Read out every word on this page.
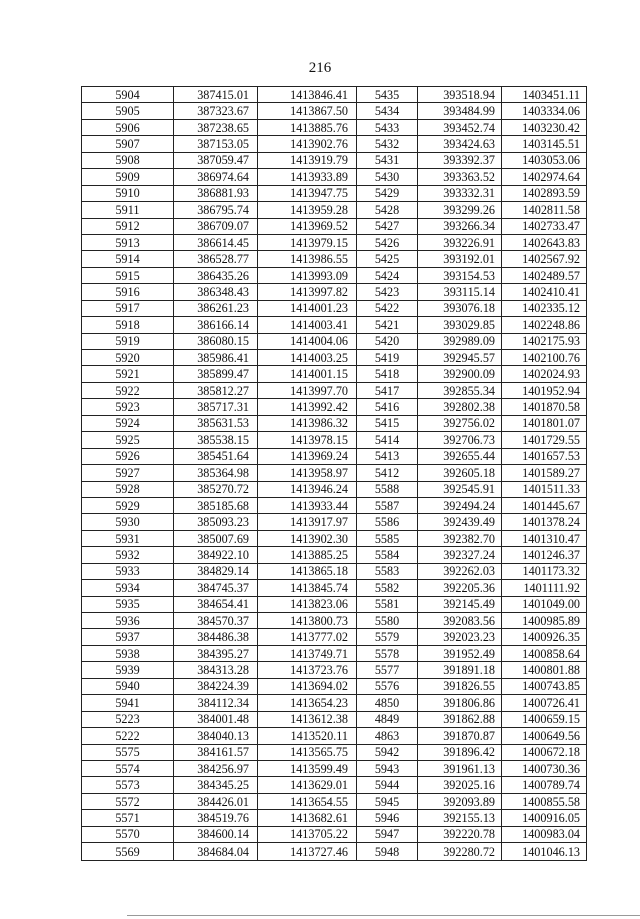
216
5904	387415.01	1413846.41	5435	393518.94	1403451.11
5905	387323.67	1413867.50	5434	393484.99	1403334.06
5906	387238.65	1413885.76	5433	393452.74	1403230.42
5907	387153.05	1413902.76	5432	393424.63	1403145.51
5908	387059.47	1413919.79	5431	393392.37	1403053.06
5909	386974.64	1413933.89	5430	393363.52	1402974.64
5910	386881.93	1413947.75	5429	393332.31	1402893.59
5911	386795.74	1413959.28	5428	393299.26	1402811.58
5912	386709.07	1413969.52	5427	393266.34	1402733.47
5913	386614.45	1413979.15	5426	393226.91	1402643.83
5914	386528.77	1413986.55	5425	393192.01	1402567.92
5915	386435.26	1413993.09	5424	393154.53	1402489.57
5916	386348.43	1413997.82	5423	393115.14	1402410.41
5917	386261.23	1414001.23	5422	393076.18	1402335.12
5918	386166.14	1414003.41	5421	393029.85	1402248.86
5919	386080.15	1414004.06	5420	392989.09	1402175.93
5920	385986.41	1414003.25	5419	392945.57	1402100.76
5921	385899.47	1414001.15	5418	392900.09	1402024.93
5922	385812.27	1413997.70	5417	392855.34	1401952.94
5923	385717.31	1413992.42	5416	392802.38	1401870.58
5924	385631.53	1413986.32	5415	392756.02	1401801.07
5925	385538.15	1413978.15	5414	392706.73	1401729.55
5926	385451.64	1413969.24	5413	392655.44	1401657.53
5927	385364.98	1413958.97	5412	392605.18	1401589.27
5928	385270.72	1413946.24	5588	392545.91	1401511.33
5929	385185.68	1413933.44	5587	392494.24	1401445.67
5930	385093.23	1413917.97	5586	392439.49	1401378.24
5931	385007.69	1413902.30	5585	392382.70	1401310.47
5932	384922.10	1413885.25	5584	392327.24	1401246.37
5933	384829.14	1413865.18	5583	392262.03	1401173.32
5934	384745.37	1413845.74	5582	392205.36	1401111.92
5935	384654.41	1413823.06	5581	392145.49	1401049.00
5936	384570.37	1413800.73	5580	392083.56	1400985.89
5937	384486.38	1413777.02	5579	392023.23	1400926.35
5938	384395.27	1413749.71	5578	391952.49	1400858.64
5939	384313.28	1413723.76	5577	391891.18	1400801.88
5940	384224.39	1413694.02	5576	391826.55	1400743.85
5941	384112.34	1413654.23	4850	391806.86	1400726.41
5223	384001.48	1413612.38	4849	391862.88	1400659.15
5222	384040.13	1413520.11	4863	391870.87	1400649.56
5575	384161.57	1413565.75	5942	391896.42	1400672.18
5574	384256.97	1413599.49	5943	391961.13	1400730.36
5573	384345.25	1413629.01	5944	392025.16	1400789.74
5572	384426.01	1413654.55	5945	392093.89	1400855.58
5571	384519.76	1413682.61	5946	392155.13	1400916.05
5570	384600.14	1413705.22	5947	392220.78	1400983.04
5569	384684.04	1413727.46	5948	392280.72	1401046.13
